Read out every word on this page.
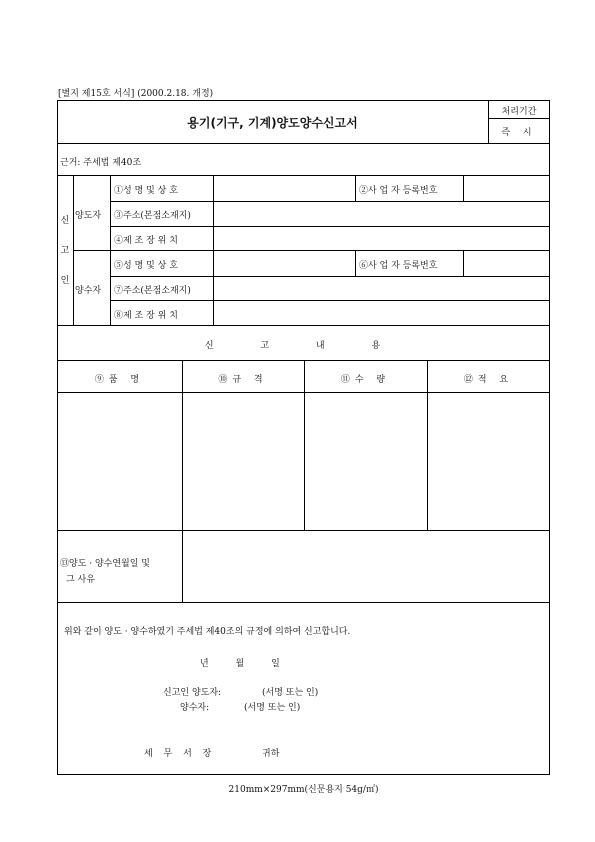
[별지 제15호 서식] (2000.2.18. 개정)
용기(기구, 기계)양도양수신고서
처리기간
즉 시
근거: 주세법 제40조
신
고
인
양도자
①성 명 및 상 호	②사 업 자 등록번호
③주소(본점소재지)
④제 조 장 위 치
양수자
⑤성 명 및 상 호	⑥사 업 자 등록번호
⑦주소(본점소재지)
⑧제 조 장 위 치
신 고 내 용
⑨품 명	⑩규 격	⑪수 량	⑫적 요
⑬양도 · 양수연월일 및
그 사유
위와 같이 양도 · 양수하였기 주세법 제40조의 규정에 의하여 신고합니다.
년 월 일
신고인 양도자:	(서명 또는 인)
양수자:	(서명 또는 인)
세 무 서 장	귀하
210mm×297mm(신문용지 54g/㎡)
